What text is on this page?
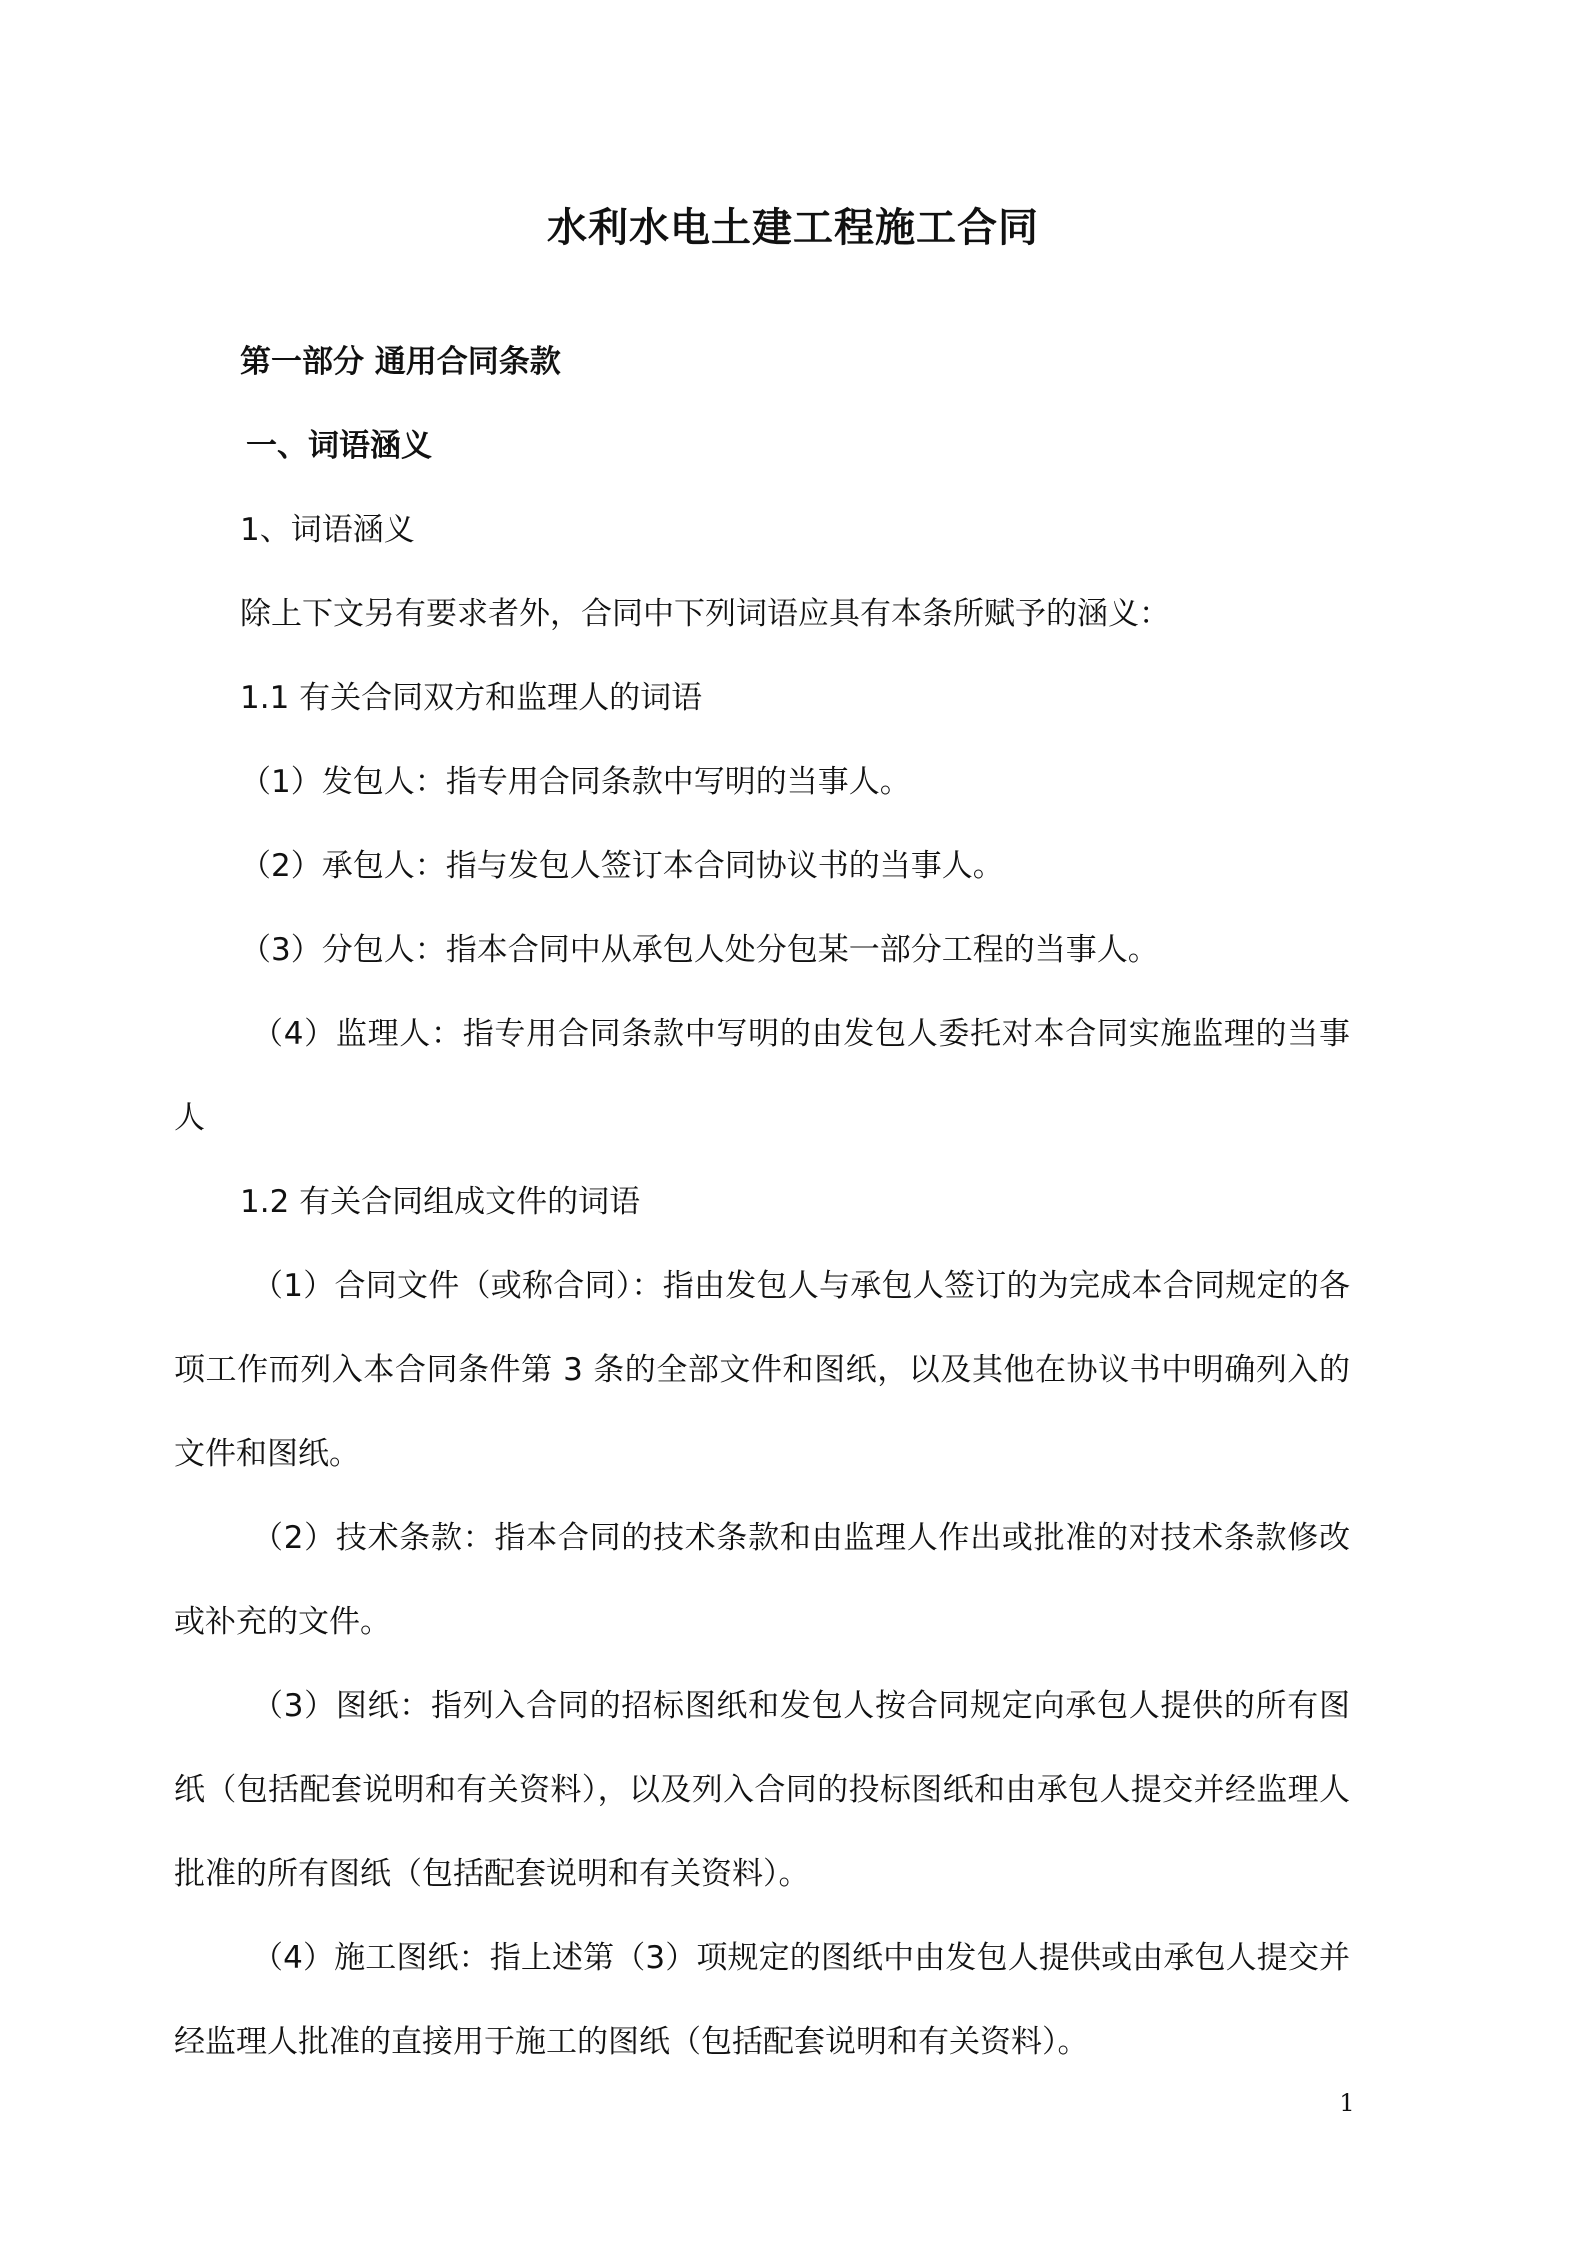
水利水电土建工程施工合同
第一部分 通用合同条款
一、词语涵义
1、词语涵义
除上下文另有要求者外，合同中下列词语应具有本条所赋予的涵义：
1.1 有关合同双方和监理人的词语
（1）发包人：指专用合同条款中写明的当事人。
（2）承包人：指与发包人签订本合同协议书的当事人。
（3）分包人：指本合同中从承包人处分包某一部分工程的当事人。

（4）监理人：指专用合同条款中写明的由发包人委托对本合同实施监理的当事人

1.2 有关合同组成文件的词语

（1）合同文件（或称合同）：指由发包人与承包人签订的为完成本合同规定的各项工作而列入本合同条件第 3 条的全部文件和图纸，以及其他在协议书中明确列入的文件和图纸。

（2）技术条款：指本合同的技术条款和由监理人作出或批准的对技术条款修改或补充的文件。

（3）图纸：指列入合同的招标图纸和发包人按合同规定向承包人提供的所有图纸（包括配套说明和有关资料），以及列入合同的投标图纸和由承包人提交并经监理人批准的所有图纸（包括配套说明和有关资料）。

（4）施工图纸：指上述第（3）项规定的图纸中由发包人提供或由承包人提交并经监理人批准的直接用于施工的图纸（包括配套说明和有关资料）。

1
